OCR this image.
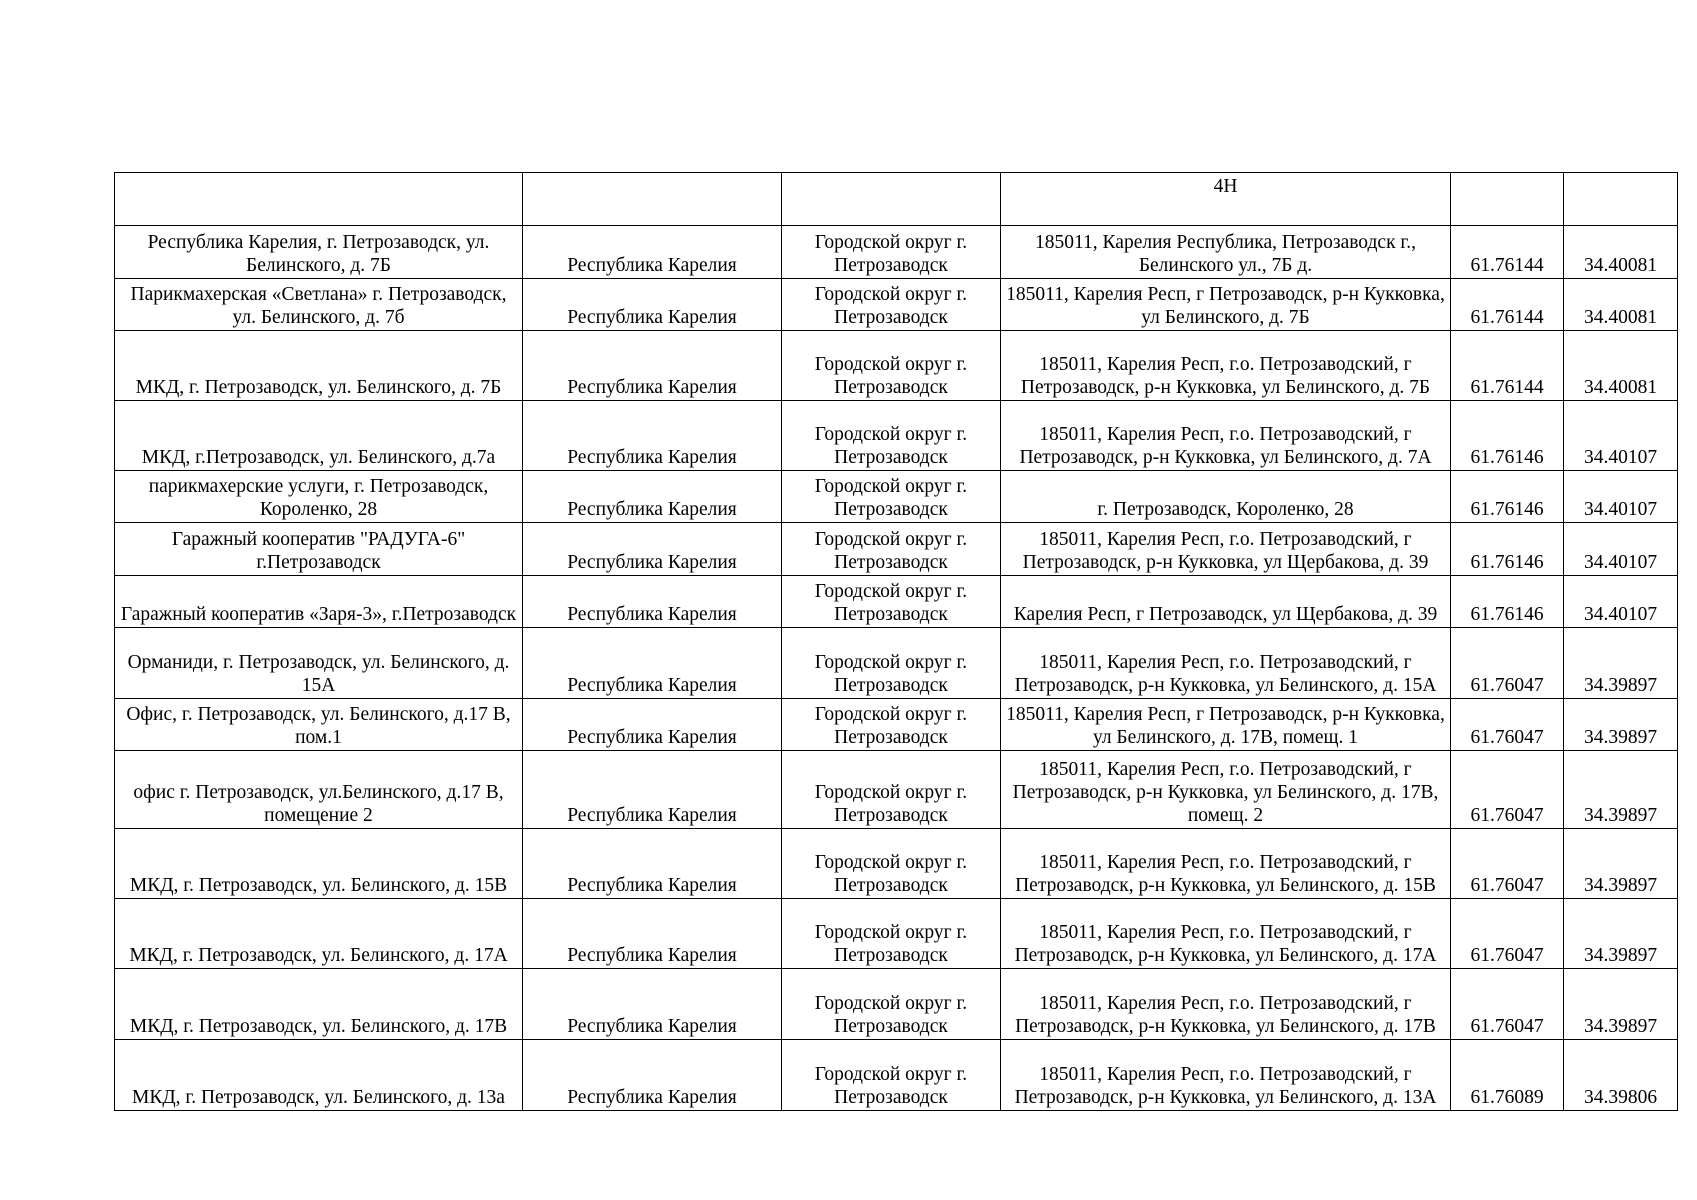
			4Н		
Республика Карелия, г. Петрозаводск, ул. Белинского, д. 7Б	Республика Карелия	Городской округ г. Петрозаводск	185011, Карелия Республика, Петрозаводск г., Белинского ул., 7Б д.	61.76144	34.40081
Парикмахерская «Светлана» г. Петрозаводск, ул. Белинского, д. 7б	Республика Карелия	Городской округ г. Петрозаводск	185011, Карелия Респ, г Петрозаводск, р-н Кукковка, ул Белинского, д. 7Б	61.76144	34.40081
МКД, г. Петрозаводск, ул. Белинского, д. 7Б	Республика Карелия	Городской округ г. Петрозаводск	185011, Карелия Респ, г.о. Петрозаводский, г Петрозаводск, р-н Кукковка, ул Белинского, д. 7Б	61.76144	34.40081
МКД, г.Петрозаводск, ул. Белинского, д.7а	Республика Карелия	Городской округ г. Петрозаводск	185011, Карелия Респ, г.о. Петрозаводский, г Петрозаводск, р-н Кукковка, ул Белинского, д. 7А	61.76146	34.40107
парикмахерские услуги, г. Петрозаводск, Короленко, 28	Республика Карелия	Городской округ г. Петрозаводск	г. Петрозаводск, Короленко, 28	61.76146	34.40107
Гаражный кооператив "РАДУГА-6" г.Петрозаводск	Республика Карелия	Городской округ г. Петрозаводск	185011, Карелия Респ, г.о. Петрозаводский, г Петрозаводск, р-н Кукковка, ул Щербакова, д. 39	61.76146	34.40107
Гаражный кооператив «Заря-3», г.Петрозаводск	Республика Карелия	Городской округ г. Петрозаводск	Карелия Респ, г Петрозаводск, ул Щербакова, д. 39	61.76146	34.40107
Орманиди, г. Петрозаводск, ул. Белинского, д. 15А	Республика Карелия	Городской округ г. Петрозаводск	185011, Карелия Респ, г.о. Петрозаводский, г Петрозаводск, р-н Кукковка, ул Белинского, д. 15А	61.76047	34.39897
Офис, г. Петрозаводск, ул. Белинского, д.17 В, пом.1	Республика Карелия	Городской округ г. Петрозаводск	185011, Карелия Респ, г Петрозаводск, р-н Кукковка, ул Белинского, д. 17В, помещ. 1	61.76047	34.39897
офис г. Петрозаводск, ул.Белинского, д.17 В, помещение 2	Республика Карелия	Городской округ г. Петрозаводск	185011, Карелия Респ, г.о. Петрозаводский, г Петрозаводск, р-н Кукковка, ул Белинского, д. 17В, помещ. 2	61.76047	34.39897
МКД, г. Петрозаводск, ул. Белинского, д. 15В	Республика Карелия	Городской округ г. Петрозаводск	185011, Карелия Респ, г.о. Петрозаводский, г Петрозаводск, р-н Кукковка, ул Белинского, д. 15В	61.76047	34.39897
МКД, г. Петрозаводск, ул. Белинского, д. 17А	Республика Карелия	Городской округ г. Петрозаводск	185011, Карелия Респ, г.о. Петрозаводский, г Петрозаводск, р-н Кукковка, ул Белинского, д. 17А	61.76047	34.39897
МКД, г. Петрозаводск, ул. Белинского, д. 17В	Республика Карелия	Городской округ г. Петрозаводск	185011, Карелия Респ, г.о. Петрозаводский, г Петрозаводск, р-н Кукковка, ул Белинского, д. 17В	61.76047	34.39897
МКД, г. Петрозаводск, ул. Белинского, д. 13а	Республика Карелия	Городской округ г. Петрозаводск	185011, Карелия Респ, г.о. Петрозаводский, г Петрозаводск, р-н Кукковка, ул Белинского, д. 13А	61.76089	34.39806
